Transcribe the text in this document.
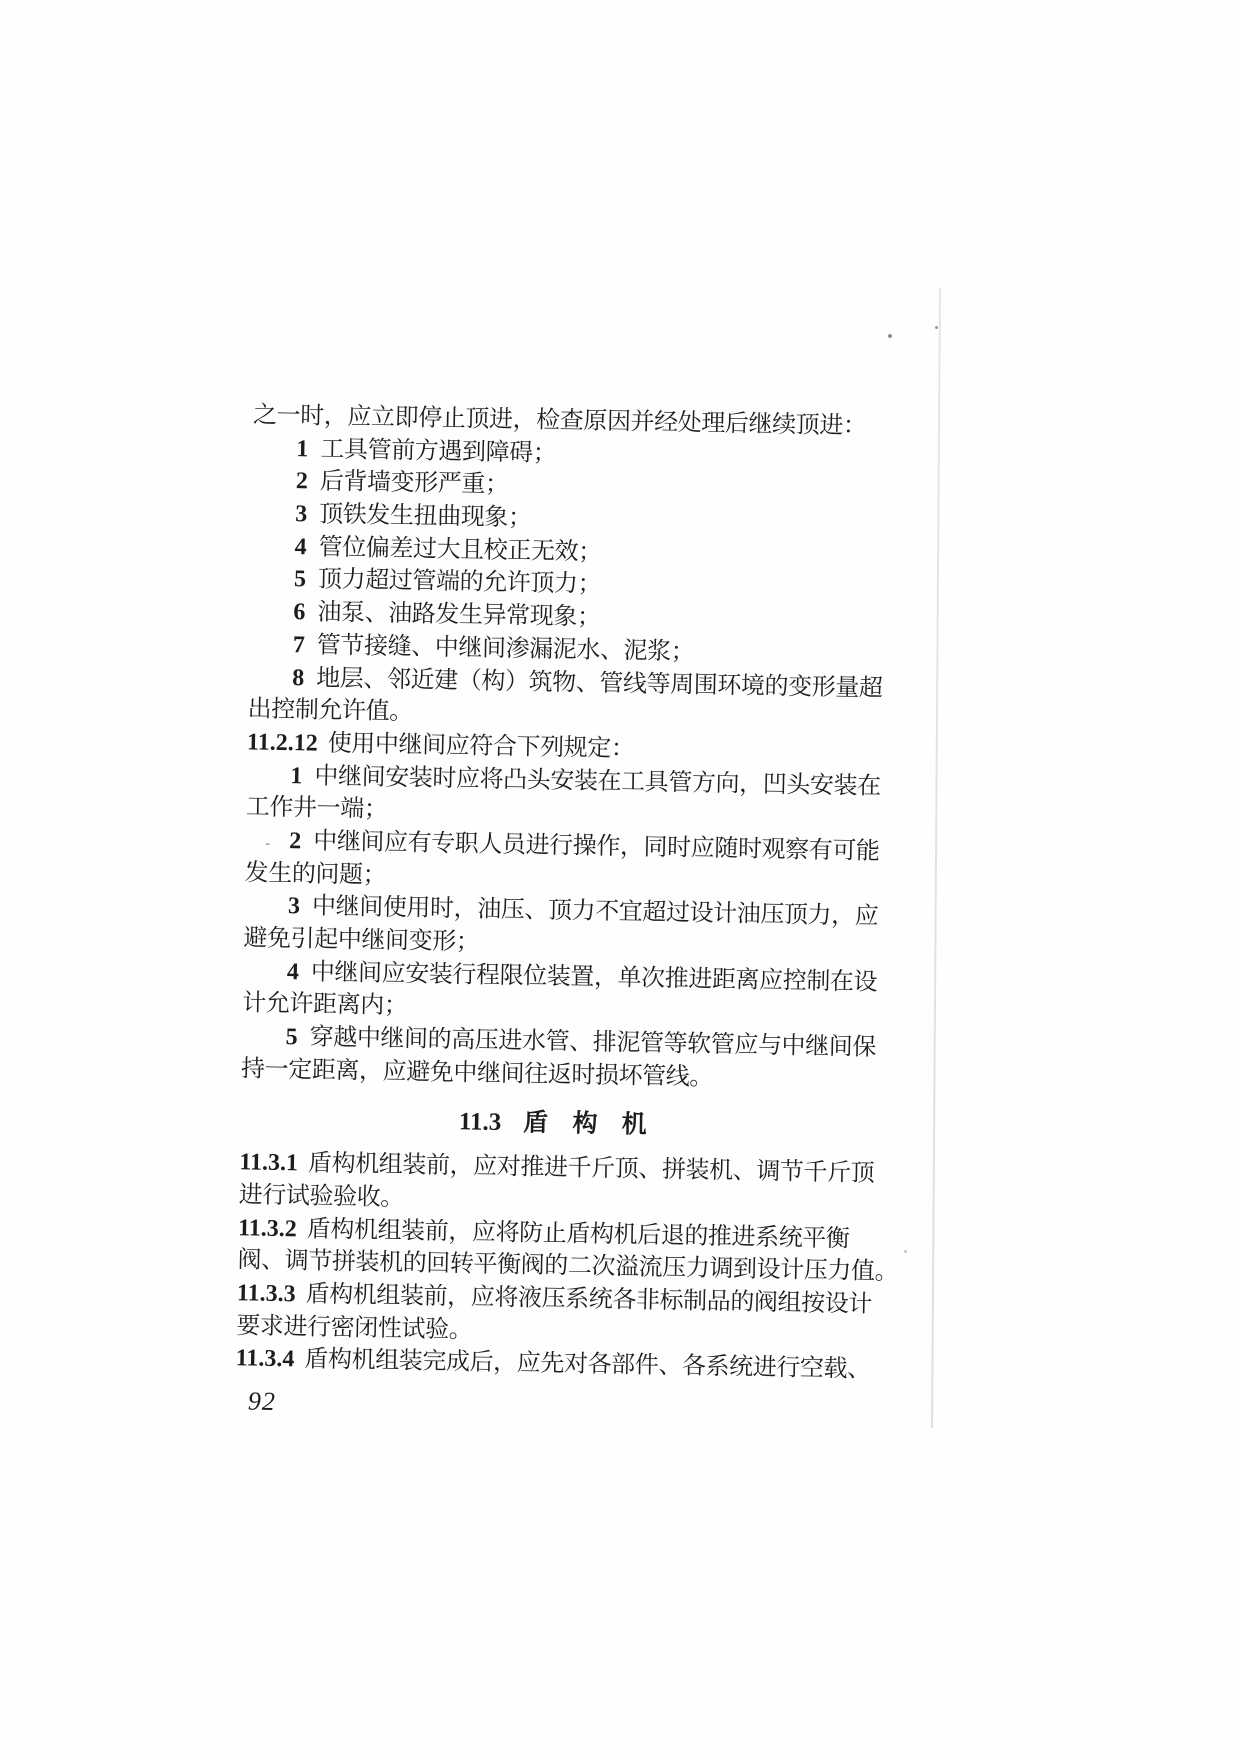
之一时，应立即停止顶进，检查原因并经处理后继续顶进：
1 工具管前方遇到障碍；
2 后背墙变形严重；
3 顶铁发生扭曲现象；
4 管位偏差过大且校正无效；
5 顶力超过管端的允许顶力；
6 油泵、油路发生异常现象；
7 管节接缝、中继间渗漏泥水、泥浆；
8 地层、邻近建（构）筑物、管线等周围环境的变形量超
出控制允许值。
11.2.12 使用中继间应符合下列规定：
1 中继间安装时应将凸头安装在工具管方向，凹头安装在
工作井一端；
- 2 中继间应有专职人员进行操作，同时应随时观察有可能
发生的问题；
3 中继间使用时，油压、顶力不宜超过设计油压顶力，应
避免引起中继间变形；
4 中继间应安装行程限位装置，单次推进距离应控制在设
计允许距离内；
5 穿越中继间的高压进水管、排泥管等软管应与中继间保
持一定距离，应避免中继间往返时损坏管线。
11.3 盾　构　机
11.3.1 盾构机组装前，应对推进千斤顶、拼装机、调节千斤顶
进行试验验收。
11.3.2 盾构机组装前，应将防止盾构机后退的推进系统平衡
阀、调节拼装机的回转平衡阀的二次溢流压力调到设计压力值。
11.3.3 盾构机组装前，应将液压系统各非标制品的阀组按设计
要求进行密闭性试验。
11.3.4 盾构机组装完成后，应先对各部件、各系统进行空载、
92
